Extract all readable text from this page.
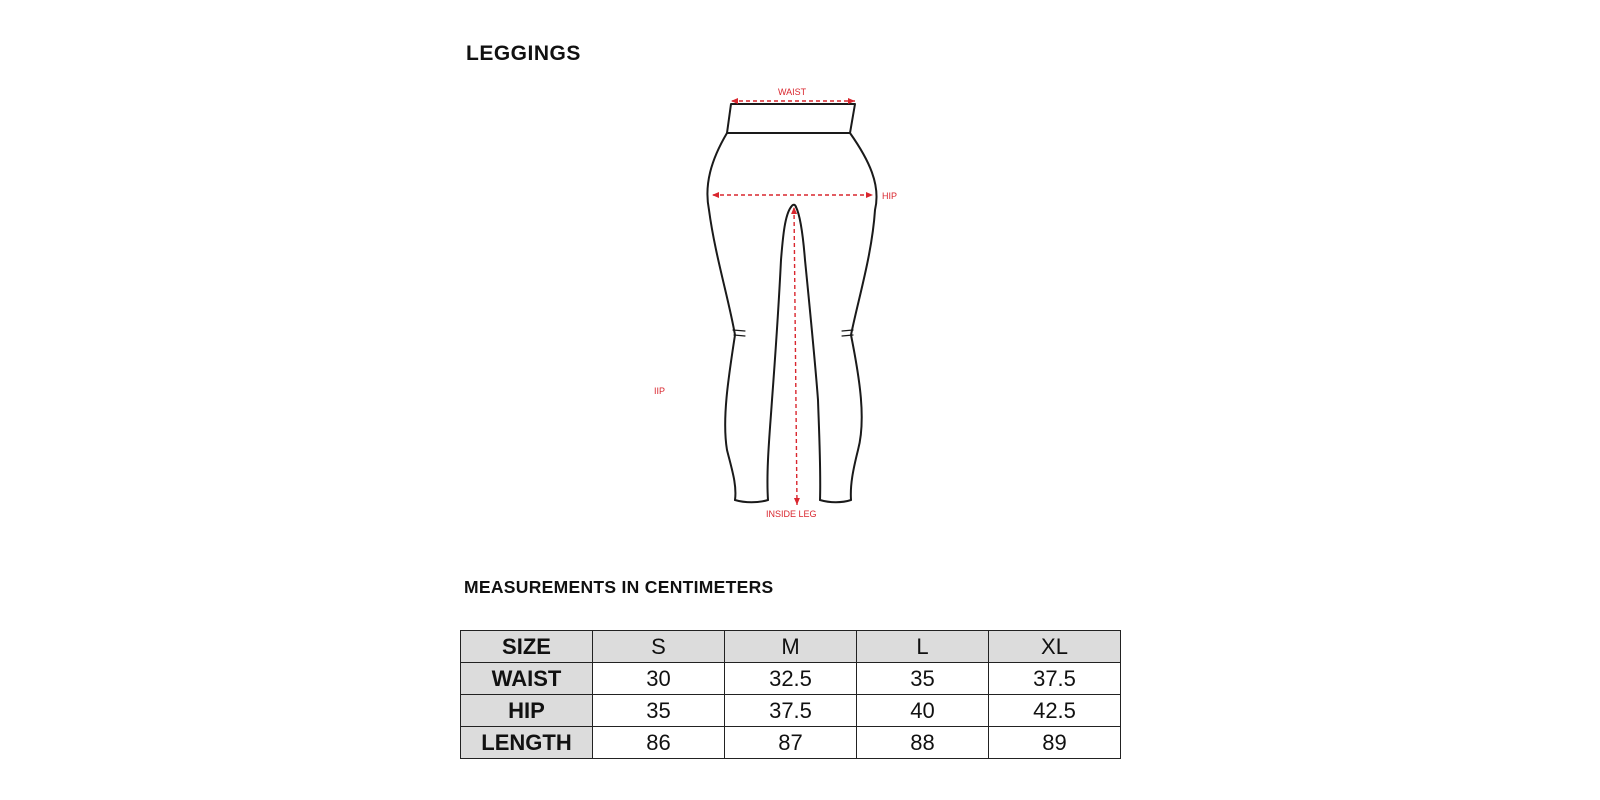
LEGGINGS
WAIST
HIP
IIP
INSIDE LEG
MEASUREMENTS IN CENTIMETERS
SIZE	S	M	L	XL
WAIST	30	32.5	35	37.5
HIP	35	37.5	40	42.5
LENGTH	86	87	88	89
